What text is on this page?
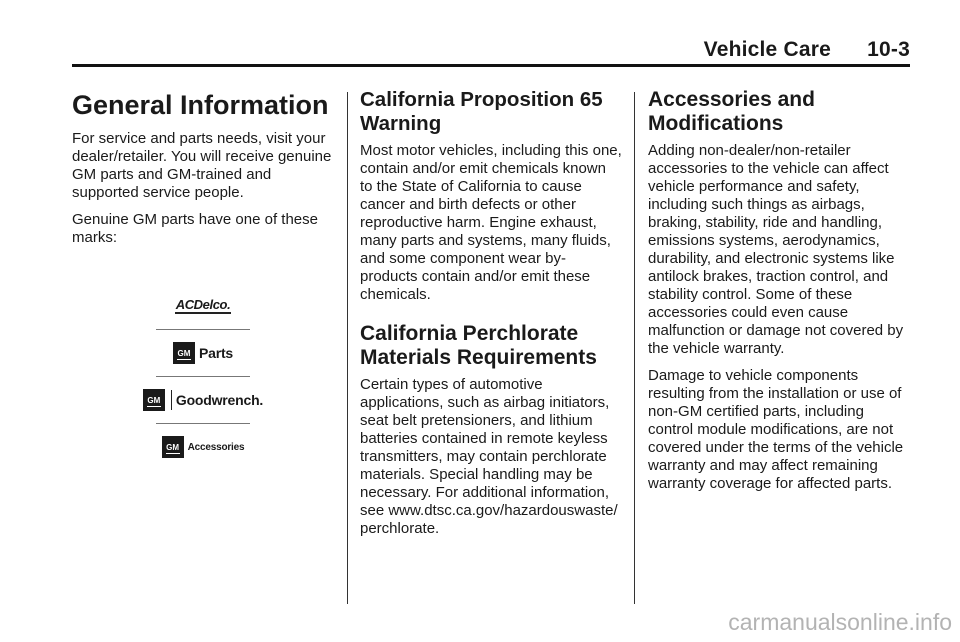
Vehicle Care      10-3
General Information

For service and parts needs, visit your dealer/retailer. You will receive genuine GM parts and GM-trained and supported service people.

Genuine GM parts have one of these marks:

ACDelco.
GM Parts
GM	Goodwrench.
GM Accessories
California Proposition 65 Warning

Most motor vehicles, including this one, contain and/or emit chemicals known to the State of California to cause cancer and birth defects or other reproductive harm. Engine exhaust, many parts and systems, many fluids, and some component wear by-products contain and/or emit these chemicals.

California Perchlorate Materials Requirements

Certain types of automotive applications, such as airbag initiators, seat belt pretensioners, and lithium batteries contained in remote keyless transmitters, may contain perchlorate materials. Special handling may be necessary. For additional information, see www.dtsc.ca.gov/hazardouswaste/ perchlorate.

Accessories and Modifications

Adding non-dealer/non-retailer accessories to the vehicle can affect vehicle performance and safety, including such things as airbags, braking, stability, ride and handling, emissions systems, aerodynamics, durability, and electronic systems like antilock brakes, traction control, and stability control. Some of these accessories could even cause malfunction or damage not covered by the vehicle warranty.

Damage to vehicle components resulting from the installation or use of non-GM certified parts, including control module modifications, are not covered under the terms of the vehicle warranty and may affect remaining warranty coverage for affected parts.

carmanualsonline.info
